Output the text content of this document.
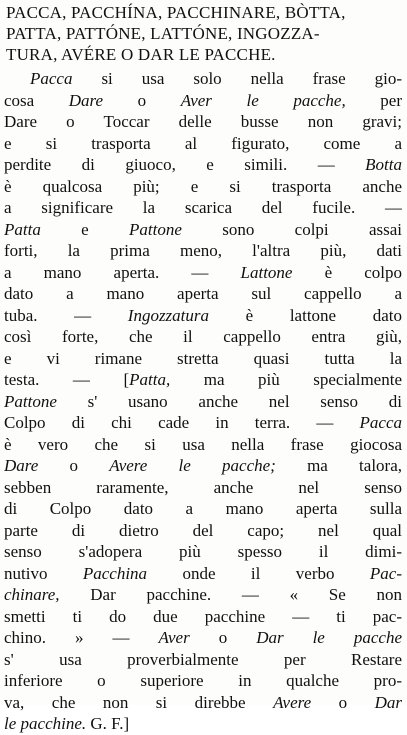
PACCA, PACCHÍNA, PACCHINARE, BÒTTA,
PATTA, PATTÓNE, LATTÓNE, INGOZZA-
TURA, AVÉRE O DAR LE PACCHE.
Pacca si usa solo nella frase gio-
cosa Dare o Aver le pacche, per
Dare o Toccar delle busse non gravi;
e si trasporta al figurato, come a
perdite di giuoco, e simili. — Botta
è qualcosa più; e si trasporta anche
a significare la scarica del fucile. —
Patta e Pattone sono colpi assai
forti, la prima meno, l'altra più, dati
a mano aperta. — Lattone è colpo
dato a mano aperta sul cappello a
tuba. — Ingozzatura è lattone dato
così forte, che il cappello entra giù,
e vi rimane stretta quasi tutta la
testa. — [Patta, ma più specialmente
Pattone s' usano anche nel senso di
Colpo di chi cade in terra. — Pacca
è vero che si usa nella frase giocosa
Dare o Avere le pacche; ma talora,
sebben raramente, anche nel senso
di Colpo dato a mano aperta sulla
parte di dietro del capo; nel qual
senso s'adopera più spesso il dimi-
nutivo Pacchina onde il verbo Pac-
chinare, Dar pacchine. — « Se non
smetti ti do due pacchine — ti pac-
chino. » — Aver o Dar le pacche
s' usa proverbialmente per Restare
inferiore o superiore in qualche pro-
va, che non si direbbe Avere o Dar
le pacchine. G. F.]
